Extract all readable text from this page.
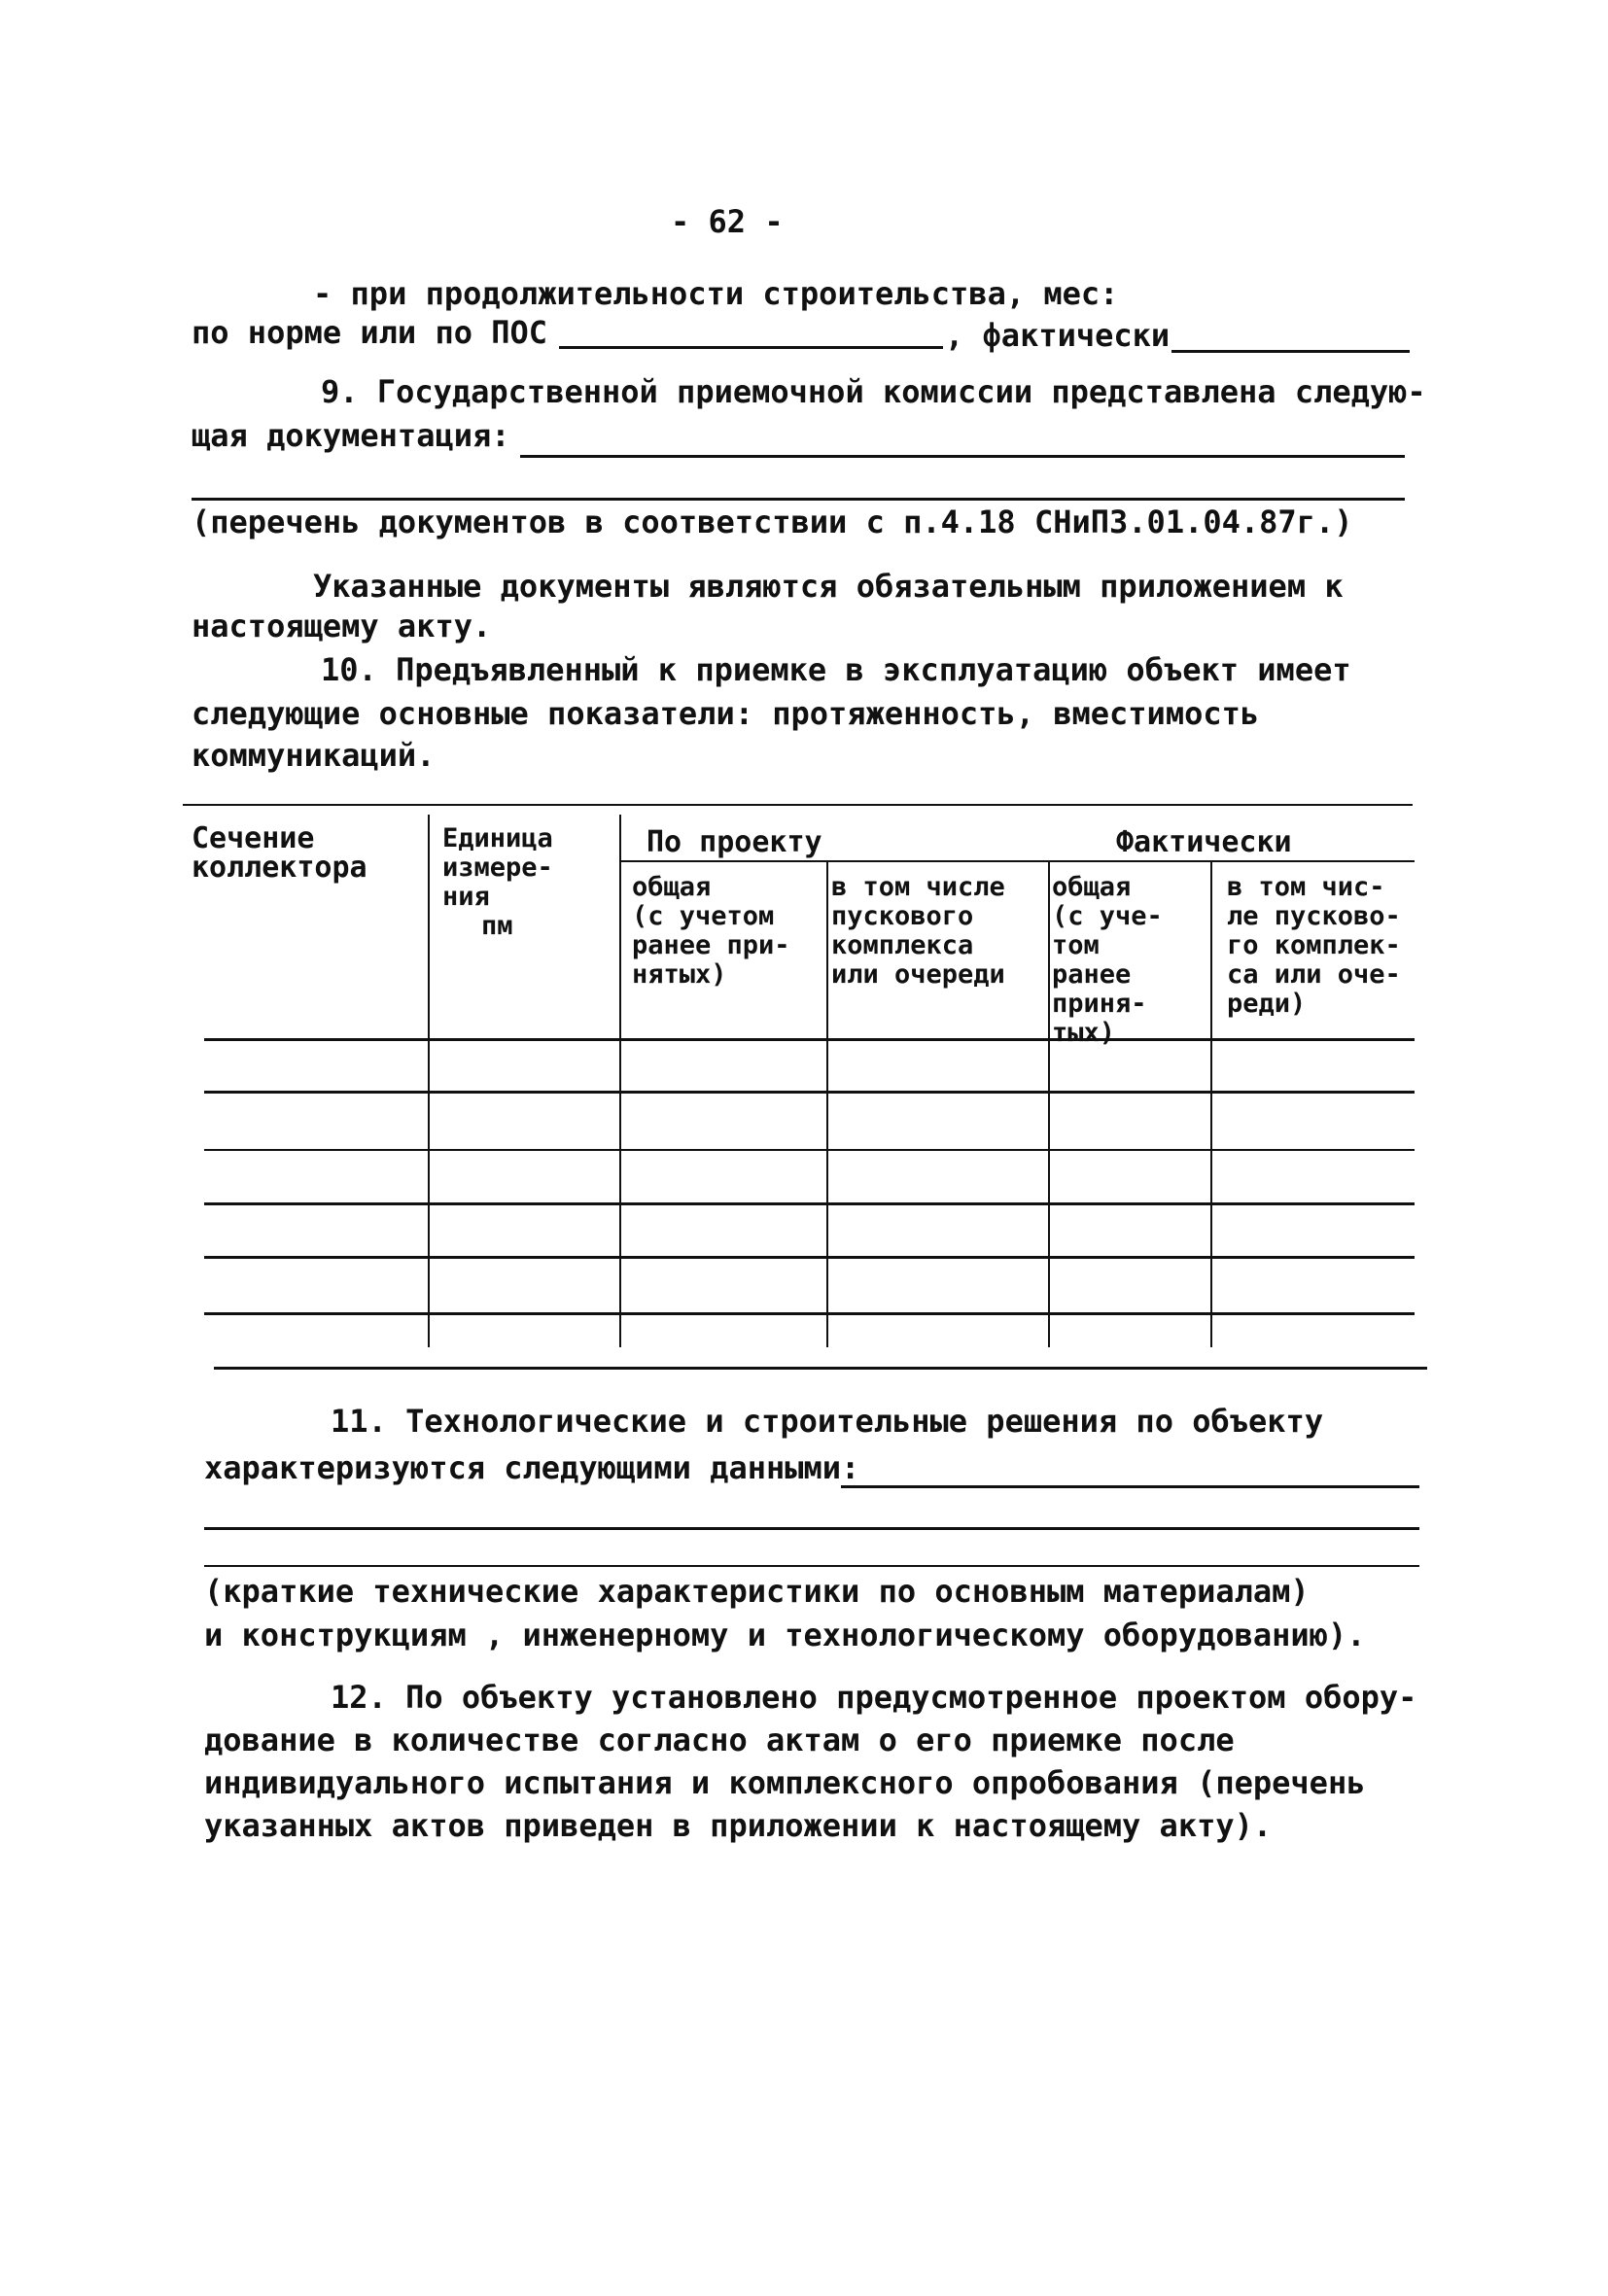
- 62 -
- при продолжительности строительства, мес:
по норме или по ПОС	, фактически
9. Государственной приемочной комиссии представлена следую-
щая документация:
(перечень документов в соответствии с п.4.18 СНиП3.01.04.87г.)
Указанные документы являются обязательным приложением к
настоящему акту.
10. Предъявленный к приемке в эксплуатацию объект имеет
следующие основные показатели: протяженность, вместимость
коммуникаций.
Сечение коллектора
Единица
измере-
ния
пм
По проекту	Фактически
общая
(с учетом
ранее при-
нятых)
в том числе
пускового
комплекса
или очереди
общая
(с уче-
том
ранее
приня-
тых)
в том чис-
ле пусково-
го комплек-
са или оче-
реди)
11. Технологические и строительные решения по объекту
характеризуются следующими данными:
(краткие технические характеристики по основным материалам)
и конструкциям , инженерному и технологическому оборудованию).
12. По объекту установлено предусмотренное проектом обору-
дование в количестве согласно актам о его приемке после
индивидуального испытания и комплексного опробования (перечень
указанных актов приведен в приложении к настоящему акту).
